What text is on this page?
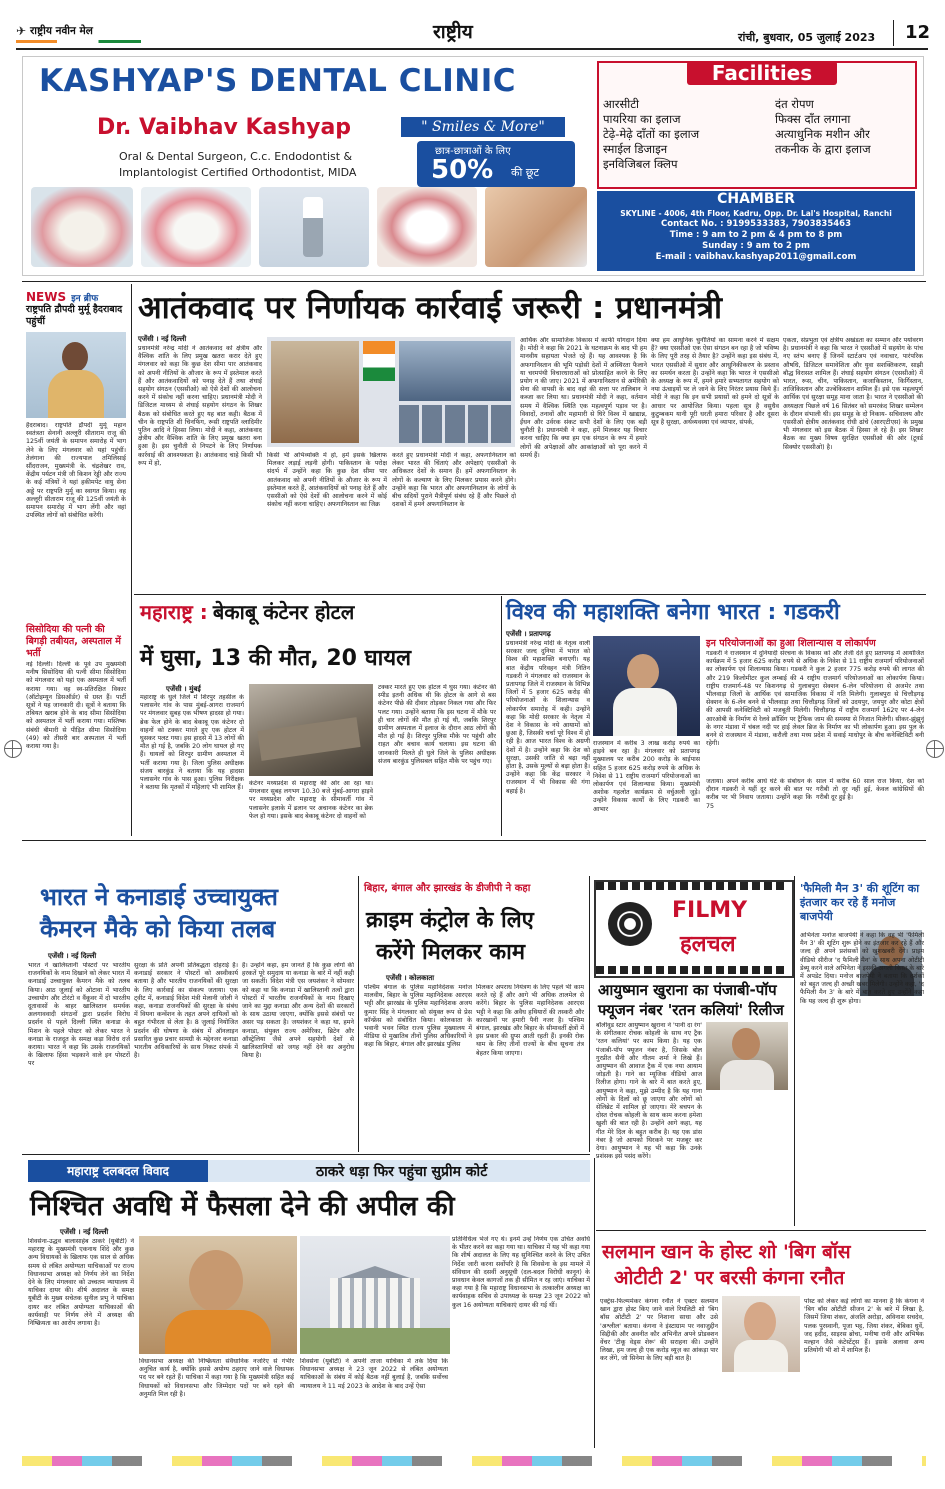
✈ राष्ट्रीय नवीन मेल	राष्ट्रीय	रांची, बुधवार, 05 जुलाई 2023 12
KASHYAP'S DENTAL CLINIC	Facilities
Dr. Vaibhav Kashyap	" Smiles & More"
Oral & Dental Surgeon, C.c. Endodontist &
Implantologist Certified Orthodontist, MIDA
छात्र-छात्राओं के लिए
50% की छूट
आरसीटी
पायरिया का इलाज
टेढ़े-मेढ़े दाँतों का इलाज
स्माईल डिजाइन
इनविजिबल क्लिप
दंत रोपण
फिक्स दाँत लगाना
अत्याधुनिक मशीन और
तकनीक के द्वारा इलाज
CHAMBER
SKYLINE - 4006, 4th Floor, Kadru, Opp. Dr. Lal's Hospital, Ranchi
Contact No. : 9199533383, 7903835463
Time : 9 am to 2 pm & 4 pm to 8 pm
Sunday : 9 am to 2 pm
E-mail : vaibhav.kashyap2011@gmail.com
NEWS इन ब्रीफ
राष्ट्रपति द्रौपदी मुर्मू हैदराबाद पहुंचीं
हैदराबाद। राष्ट्रपति द्रौपदी मुर्मू महान स्वतंत्रता सेनानी अल्लूरी सीताराम राजू की 125वीं जयंती के समापन समारोह में भाग लेने के लिए मंगलवार को यहां पहुंचीं। तेलंगाना की राज्यपाल तमिलिसाई सौंदराजन, मुख्यमंत्री के. चंद्रशेखर राव, केंद्रीय पर्यटन मंत्री जी किशन रेड्डी और राज्य के कई मंत्रियों ने यहां हकीमपेट वायु सेना अड्डे पर राष्ट्रपति मुर्मू का स्वागत किया। वह अल्लूरी सीताराम राजू की 125वीं जयंती के समापन समारोह में भाग लेंगी और वहां उपस्थित लोगों को संबोधित करेंगी।
सिसोदिया की पत्नी की बिगड़ी तबीयत, अस्पताल में भर्ती
नई दिल्ली। दिल्ली के पूर्व उप मुख्यमंत्री मनीष सिसोदिया की पत्नी सीमा सिसोदिया को मंगलवार को यहां एक अस्पताल में भर्ती कराया गया। वह स्व-प्रतिरक्षित विकार (ऑटोइम्यून डिसऑर्डर) से ग्रस्त हैं। पार्टी सूत्रों ने यह जानकारी दी। सूत्रों ने बताया कि तबियत खराब होने के बाद सीमा सिसोदिया को अस्पताल में भर्ती कराया गया। मस्तिष्क संबंधी बीमारी से पीड़ित सीमा सिसोदिया (49) को तीसरी बार अस्पताल में भर्ती कराया गया है।
आतंकवाद पर निर्णायक कार्रवाई जरूरी : प्रधानमंत्री
एजेंसी । नई दिल्ली
प्रधानमंत्री नरेन्द्र मोदी ने आतंकवाद को क्षेत्रीय और वैश्विक शांति के लिए प्रमुख खतरा करार देते हुए मंगलवार को कहा कि कुछ देश सीमा पार आतंकवाद को अपनी नीतियों के औजार के रूप में इस्तेमाल करते हैं और आतंकवादियों को पनाह देते हैं तथा शंघाई सहयोग संगठन (एससीओ) को ऐसे देशों की आलोचना करने में संकोच नहीं करना चाहिए। प्रधानमंत्री मोदी ने डिजिटल माध्यम से शंघाई सहयोग संगठन के शिखर बैठक को संबोधित करते हुए यह बात कही। बैठक में चीन के राष्ट्रपति शी चिनफिंग, रूसी राष्ट्रपति व्लादिमीर पुतिन आदि ने हिस्सा लिया। मोदी ने कहा, आतंकवाद क्षेत्रीय और वैश्विक शांति के लिए प्रमुख खतरा बना हुआ है। इस चुनौती से निपटने के लिए निर्णायक कार्रवाई की आवश्यकता है। आतंकवाद चाहे किसी भी रूप में हो,
किसी भी अभिव्यक्ति में हो, हमें इसके खिलाफ मिलकर लड़ाई लड़नी होगी। पाकिस्तान के परोक्ष संदर्भ में उन्होंने कहा कि कुछ देश सीमा पार आतंकवाद को अपनी नीतियों के औजार के रूप में इस्तेमाल करते हैं, आतंकवादियों को पनाह देते हैं और एससीओ को ऐसे देशों की आलोचना करने में कोई संकोच नहीं करना चाहिए। अफगानिस्तान का जिक्र
करते हुए प्रधानमंत्री मोदी ने कहा, अफगानिस्तान को लेकर भारत की चिंताएं और अपेक्षाएं एससीओ के अधिकतर देशों के समान हैं। हमें अफगानिस्तान के लोगों के कल्याण के लिए मिलकर प्रयास करने होंगे। उन्होंने कहा कि भारत और अफगानिस्तान के लोगों के बीच सदियों पुराने मैत्रीपूर्ण संबंध रहे हैं और पिछले दो दशकों में हमने अफगानिस्तान के
आर्थिक और सामाजिक विकास में काफी योगदान दिया है। मोदी ने कहा कि 2021 के घटनाक्रम के बाद भी हम मानवीय सहायता भेजते रहे हैं। यह आवश्यक है कि अफगानिस्तान की भूमि पड़ोसी देशों में अस्थिरता फैलाने या चरमपंथी विचारधाराओं को प्रोत्साहित करने के लिए प्रयोग न की जाए। 2021 में अफगानिस्तान से अमेरिकी सेना की वापसी के बाद वहां की सत्ता पर तालिबान ने कब्जा कर लिया था। प्रधानमंत्री मोदी ने कहा, वर्तमान समय में वैश्विक स्थिति एक महत्वपूर्ण पड़ाव पर है। विवादों, तनावों और महामारी से घिरे विश्व में खाद्यान्न, ईंधन और उर्वरक संकट सभी देशों के लिए एक बड़ी चुनौती है। प्रधानमंत्री ने कहा, हमें मिलकर यह विचार करना चाहिए कि क्या हम एक संगठन के रूप में हमारे लोगों की अपेक्षाओं और आकांक्षाओं को पूरा करने में समर्थ हैं।
क्या हम आधुनिक चुनौतियों का सामना करने में सक्षम हैं? क्या एससीओ एक ऐसा संगठन बन रहा है जो भविष्य के लिए पूरी तरह से तैयार है? उन्होंने कहा इस संबंध में, भारत एससीओ में सुधार और आधुनिकीकरण के प्रस्ताव का समर्थन करता है। उन्होंने कहा कि भारत ने एससीओ के अध्यक्ष के रूप में, हमने हमारे सभ्यतागत सहयोग को नया ऊंचाइयों पर ले जाने के लिए निरंतर प्रयास किये हैं। मोदी ने कहा कि इन सभी प्रयासों को हमने दो सूत्रों के आधार पर आयोजित किया। पहला सूत्र है वसुधैव कुटुम्बकम यानी पूरी धरती हमारा परिवार है और दूसरा सूत्र है सुरक्षा, अर्थव्यवस्था एवं व्यापार, संपर्क,
एकता, संप्रभुता एवं क्षेत्रीय अखंडता का सम्मान और पर्यावरण है। प्रधानमंत्री ने कहा कि भारत ने एससीओ में सहयोग के पांच नए स्तंभ बनाए हैं जिनमें स्टार्टअप एवं नवाचार, पारंपरिक औषधि, डिजिटल समावेशिता और युवा सशक्तिकरण, साझी बौद्ध विरासत शामिल हैं। शंघाई सहयोग संगठन (एससीओ) में भारत, रूस, चीन, पाकिस्तान, कजाकिस्तान, किर्गिस्तान, ताजिकिस्तान और उज्बेकिस्तान शामिल हैं। इसे एक महत्वपूर्ण आर्थिक एवं सुरक्षा समूह माना जाता है। भारत ने एससीओ की अध्यक्षता पिछले वर्ष 16 सितंबर को समरकंद शिखर सम्मेलन के दौरान संभाली थी। इस समूह के दो निकाय- सचिवालय और एससीओ क्षेत्रीय आतंकवाद रोधी ढांचे (आरएटीएस) के प्रमुख भी मंगलवार को इस बैठक में हिस्सा ले रहे हैं। इस शिखर बैठक का मुख्य विषय सुरक्षित एससीओ की ओर (टूवर्ड सिक्योर एससीओ) है।
महाराष्ट्र : बेकाबू कंटेनर होटल
में घुसा, 13 की मौत, 20 घायल
एजेंसी । मुंबई
महाराष्ट्र के धुले जिले में शिरपुर तहसील के पलासनेर गांव के पास मुंबई-आगरा राजमार्ग पर मंगलवार सुबह एक भीषण हादसा हो गया। ब्रेक फेल होने के बाद बेकाबू एक कंटेनर दो वाहनों को टक्कर मारते हुए एक होटल में घुसकर पलट गया। इस हादसे में 13 लोगों की मौत हो गई है, जबकि 20 लोग घायल हो गए हैं। घायलों को शिरपुर ग्रामीण अस्पताल में भर्ती कराया गया है। जिला पुलिस अधीक्षक संजय बारकुंड ने बताया कि यह हादसा पलासनेर गांव के पास हुआ। पुलिस निरीक्षक ने बताया कि मृतकों में महिलाएं भी शामिल हैं।
कंटेनर मध्यप्रदेश से महाराष्ट्र की ओर आ रहा था। मंगलवार सुबह लगभग 10.30 बजे मुंबई-आगरा हाइवे पर मध्यप्रदेश और महाराष्ट्र के सीमावर्ती गांव में पलासनेर इलाके में ढलान पर अचानक कंटेनर का ब्रेक फेल हो गया। इसके बाद बेकाबू कंटेनर दो वाहनों को
टक्कर मारते हुए एक होटल में घुस गया। कंटेनर की स्पीड इतनी अधिक थी कि होटल के आगे से बस कंटेनर पीछे की दीवार तोड़कर निकल गया और फिर पलट गया। उन्होंने बताया कि इस घटना में मौके पर ही चार लोगों की मौत हो गई थी, जबकि शिरपुर ग्रामीण अस्पताल में इलाज के दौरान आठ लोगों की मौत हो गई है। शिरपुर पुलिस मौके पर पहुंची और राहत और बचाव कार्य चलाया। इस घटना की जानकारी मिलते ही धुले जिले के पुलिस अधीक्षक संजय बारकुंड पुलिसबल सहित मौके पर पहुंच गए।
विश्व की महाशक्ति बनेगा भारत : गडकरी
एजेंसी । प्रतापगढ़
प्रधानमंत्री नरेन्द्र मोदी के नेतृत्व वाली सरकार जल्द दुनिया में भारत को विश्व की महाशक्ति बनाएगी। यह बात केंद्रीय परिवहन मंत्री नितिन गडकरी ने मंगलवार को राजस्थान के प्रतापगढ़ जिले में राजस्थान के विभिन्न जिलों में 5 हजार 625 करोड़ की परियोजनाओं के शिलान्यास व लोकार्पण समारोह में कही। उन्होंने कहा कि मोदी सरकार के नेतृत्व में देश ने विकास के नये आयामों को छुआ है, जिसकी चर्चा पूरे विश्व में हो रही है। आज भारत विश्व के अग्रणी देशों में है। उन्होंने कहा कि देश को सुरक्षा, उसकी जांति से बढ़ा नहीं होता है, उसके मूल्यों से बढ़ा होता है। उन्होंने कहा कि केंद्र सरकार ने राजस्थान में भी विकास की गंगा बहाई है।
राजस्थान में करीब 3 लाख करोड़ रुपये का हाइवे बन रहा है। मंगलवार को प्रतापगढ़ मुख्यालय पर करीब 200 करोड़ के बाईपास सहित 5 हजार 625 करोड़ रुपये के अधिक के निवेश से 11 राष्ट्रीय राजमार्ग परियोजनाओं का लोकार्पण एवं शिलान्यास किया। मुख्यमंत्री अशोक गहलोत कार्यक्रम से वर्चुअली जुड़े। उन्होंने विकास कार्यों के लिए गडकरी का आभार
इन परियोजनाओं का हुआ शिलान्यास व लोकार्पण
गडकरी ने राजस्थान में दुनियादी संरचना के विकास को और तेजी देते हुए प्रतापगढ़ में आयोजित कार्यक्रम में 5 हजार 625 करोड़ रुपये से अधिक के निवेश से 11 राष्ट्रीय राजमार्ग परियोजनाओं का लोकार्पण एवं शिलान्यास किया। गडकरी ने कुल 2 हजार 775 करोड़ रुपये की लागत की और 219 किलोमीटर कुल लम्बाई की 4 राष्ट्रीय राजमार्ग परियोजनाओं का लोकार्पण किया। राष्ट्रीय राजमार्ग-48 पर किशनगढ़ से गुलाबपुरा सेक्शन 6-लेन परियोजना से अजमेर तथा भीलवाड़ा जिलों के आर्थिक एवं सामाजिक विकास में गति मिलेगी। गुलाबपुरा से चित्तौड़गढ़ सेक्शन के 6-लेन बनने से भीलवाड़ा तथा चित्तौड़गढ़ जिलों को उदयपुर, जयपुर और कोटा क्षेत्रों की आपसी कनेक्टिविटी को मजबूती मिलेगी। चित्तौड़गढ़ में राष्ट्रीय राजमार्ग 162ए पर 4-लेन आरओबी के निर्माण से रेलवे क्रॉसिंग पर ट्रैफिक जाम की समस्या से निजात मिलेगी। सीकर-झुंझुनूं के नगर मंडावा में चंबल नदी पर हाई लेवल ब्रिज के निर्माण का भी लोकार्पण हुआ। इस पुल के बनने से राजस्थान में मंडावा, करौली तथा मध्य प्रदेश में सवाई माधोपुर के बीच कनेक्टिविटी बनी रहेगी।
जताया। अपने करीब आधे घंटे के संबोधन के दौरान गडकरी ने यहीं दूर करने की बात पर करीब पर भी निवाय जताया। उन्होंने कहा कि 75
साल में करीब 60 साल राज किया, देश को गरीबी तो दूर नहीं हुई, केवल कांग्रेसियों की गरीबी दूर हुई है।
भारत ने कनाडाई उच्चायुक्त
कैमरन मैके को किया तलब
एजेंसी । नई दिल्ली
भारत ने खालिस्तानी पोस्टरों पर भारतीय राजनयिकों के नाम दिखाने को लेकर भारत में कनाडाई उच्चायुक्त कैमरन मैके को तलब किया। आठ जुलाई को ओटावा में भारतीय उच्चायोग और टोरंटो व वैंकूवर में दो भारतीय दूतावासों के बाहर खालिस्तान समर्थक अलगाववादी संगठनों द्वारा प्रदर्शन विरोध प्रदर्शन से पहले दिल्ली स्थित कनाडा के मिशन के पहले पोस्टर को लेकर भारत ने कनाडा के राजदूत के समक्ष कड़ा विरोध दर्ज कराया। भारत ने कहा कि उसके राजनयिकों के खिलाफ हिंसा भड़काने वाले इन पोस्टरों पर
सुरक्षा के प्रति अपनी प्रतिबद्धता दोहराई है। कनाडाई सरकार ने पोस्टरों को अस्वीकार्य बताया है और भारतीय राजनयिकों की सुरक्षा के लिए कार्रवाई का संकल्प जताया। एक ट्वीट में, कनाडाई विदेश मंत्री मेलानी जोली ने कहा, कनाडा राजनयिकों की सुरक्षा के संबंध में वियना कन्वेंशन के तहत अपने दायित्वों को बहुत गंभीरता से लेता है। 8 जुलाई नियोजित प्रदर्शन की घोषणा के संबंध में ऑनलाइन प्रसारित कुछ प्रचार सामग्री के मद्देनजर कनाडा भारतीय अधिकारियों के साथ निकट संपर्क में है।
है। उन्होंने कहा, हम जानते हैं कि कुछ लोगों की हरकतें पूरे समुदाय या कनाडा के बारे में नहीं कही जा सकतीं। विदेश मंत्री एस जयशंकर ने सोमवार को कहा था कि कनाडा में खालिस्तानी तत्वों द्वारा पोस्टरों में भारतीय राजनयिकों के नाम दिखाए जाने का मुद्दा कनाडा और अन्य देशों की सरकारों के साथ उठाया जाएगा, क्योंकि इससे संबंधों पर असर पड़ सकता है। जयशंकर ने कहा था, हमने कनाडा, संयुक्त राज्य अमेरिका, ब्रिटेन और ऑस्ट्रेलिया जैसे अपने सहयोगी देशों से खालिस्तानियों को जगह नहीं देने का अनुरोध किया है।
बिहार, बंगाल और झारखंड के डीजीपी ने कहा
क्राइम कंट्रोल के लिए
करेंगे मिलकर काम
एजेंसी । कोलकाता
पश्चिम बंगाल के पुलिस महानिदेशक मनोज मालवीय, बिहार के पुलिस महानिदेशक आरएस भट्टी और झारखंड के पुलिस महानिदेशक अजय कुमार सिंह ने मंगलवार को संयुक्त रूप से प्रेस कॉन्फ्रेंस को संबोधित किया। कोलकाता के भवानी भवन स्थित राज्य पुलिस मुख्यालय में मीडिया से मुखातिब तीनों पुलिस अधिकारियों ने कहा कि बिहार, बंगाल और झारखंड पुलिस
मिलकर अपराध नियंत्रण के लिए पहले भी काम करते रहे हैं और आगे भी अधिक तालमेल से करेंगे। बिहार के पुलिस महानिदेशक आरएस भट्टी ने कहा कि अवैध हथियारों की तस्करी और कारखानों पर हमारी पैनी नजर है। पश्चिम बंगाल, झारखंड और बिहार के सीमावर्ती क्षेत्रों में इस प्रकार की ग्रुप्स आती रहती हैं। इनकी रोक थाम के लिए तीनों राज्यों के बीच सूचना तंत्र बेहतर किया जाएगा।
FILMY
हलचल
आयुष्मान खुराना का पंजाबी-पॉप
फ्यूजन नंबर 'रतन कलियां' रिलीज
बॉलीवुड स्टार आयुष्मान खुराना ने 'पानी दा रंग' के संगीतकार रोचक कोहली के साथ नए ट्रैक 'रतन कलियां' पर काम किया है। यह एक पंजाबी-पॉप फ्यूजन नंबर है, जिसके बोल गुरप्रीत सैनी और गौतम शर्मा ने लिखे हैं। आयुष्मान की आवाज ट्रैक में एक नया आयाम जोड़ती है। गाने का म्यूजिक वीडियो आज रिलीज होगा। गाने के बारे में बात करते हुए, आयुष्मान ने कहा, मुझे उम्मीद है कि यह गाना लोगों के दिलों को छू जाएगा और लोगों को सेलिब्रेट में शामिल हो जाएगा। मेरे बचपन के दोस्त रोचक कोहली के साथ काम करना हमेशा खुशी की बात रही है। उन्होंने आगे कहा, यह गीत मेरे दिल के बहुत करीब है। यह एक डांस नंबर है जो आपको थिरकने पर मजबूर कर देगा। आयुष्मान ने यह भी कहा कि उनके प्रशंसक इसे पसंद करेंगे।
'फैमिली मैन 3' की शूटिंग का इंतजार कर रहे हैं मनोज बाजपेयी
अभिनेता मनोज बाजपेयी ने कहा कि वह भी 'फैमिली मैन 3' की शूटिंग शुरू होने का इंतजार कर रहे हैं और जल्द ही अपने प्रशंसकों को खुशखबरी देंगे। प्राइम वीडियो सीरीज 'द फैमिली मैन' के साथ अपना ओटीटी डेब्यू करने वाले अभिनेता ने इसकी अगली किस्त के बारे में अपडेट दिया। मनोज बाजपेयी ने बताया कि दर्शकों को बहुत जल्द ही अच्छी खबर मिलेगी। उन्होंने कहा, 'द फैमिली मैन 3' के बारे में बात करते हुए उन्होंने कहा कि यह जल्द ही शुरू होगा।
महाराष्ट्र दलबदल विवाद	ठाकरे धड़ा फिर पहुंचा सुप्रीम कोर्ट
निश्चित अवधि में फैसला देने की अपील की
एजेंसी । नई दिल्ली
शिवसेना-उद्धव बालासाहेब ठाकरे (यूबीटी) ने महाराष्ट्र के मुख्यमंत्री एकनाथ शिंदे और कुछ अन्य विधायकों के खिलाफ एक साल से अधिक समय से लंबित अयोग्यता याचिकाओं पर राज्य विधानसभा अध्यक्ष को निर्णय लेने का निर्देश देने के लिए मंगलवार को उच्चतम न्यायालय में याचिका दायर की। शीर्ष अदालत के समक्ष यूबीटी के मुख्य सचेतक सुनील प्रभु ने याचिका दायर कर लंबित अयोग्यता याचिकाओं की कार्यवाही पर निर्णय लेने में अध्यक्ष की निष्क्रियता का आरोप लगाया है।
विधानसभा अध्यक्ष की निष्क्रियता संवैधानिक नजरिए से गंभीर अनुचित कार्य है, क्योंकि इससे अयोग्य ठहराए जाने वाले विधायक पद पर बने रहते हैं। याचिका में कहा गया है कि मुख्यमंत्री सहित कई विधायकों को विधानसभा और जिम्मेदार पदों पर बने रहने की अनुमति मिल रही है।
शिवसेना (यूबीटी) ने अपनी ताजा याचिका में तर्क दिया कि विधानसभा अध्यक्ष ने 23 जून 2022 से लंबित अयोग्यता याचिकाओं के संबंध में कोई बैठक नहीं बुलाई है, जबकि सर्वोच्च न्यायालय ने 11 मई 2023 के आदेश के बाद उन्हें ऐसा
प्रतिनिधित्व भेजे गए थे। इनमें उन्हें निर्णय एक उचित अवधि के भीतर करने का कहा गया था। याचिका में यह भी कहा गया कि शीर्ष अदालत के लिए यह सुनिश्चित करने के लिए उचित निर्देश जारी करना सर्वोपरि है कि शिवसेना के इस मामले में संविधान की दसवीं अनुसूची (दल-बदल विरोधी कानून) के प्रावधान केवल कागजों तक ही सीमित न रह जाएं। याचिका में कहा गया है कि महाराष्ट्र विधानसभा के तत्कालीन अध्यक्ष का कार्यवाहक सचिव से उपाध्यक्ष के समक्ष 23 जून 2022 को कुल 16 अयोग्यता याचिकाएं दायर की गई थीं।
सलमान खान के होस्ट शो 'बिग बॉस
ओटीटी 2' पर बरसी कंगना रनौत
एक्ट्रेस-फिल्ममेकर कंगना रनौत ने एक्टर सलमान खान द्वारा होस्ट किए जाने वाले रियलिटी शो 'बिग बॉस ओटीटी 2' पर निशाना साधा और उसे 'अश्लील' बताया। कंगना ने इंस्टाग्राम पर नवाजुद्दीन सिद्दीकी और अवनीत कौर अभिनीत अपने प्रोडक्शन वेंचर 'टीकू वेड्स शेरू' की सराहना की। उन्होंने लिखा, हम जल्द ही एक करोड़ व्यूज़ का आंकड़ा पार कर लेंगे, जो सिनेमा के लिए बड़ी बात है।
पोस्ट को लेकर कई लोगों का मानना है कि कंगना ने 'बिग बॉस ओटीटी सीजन 2' के बारे में लिखा है, जिसमें जिया शंकर, अंजलि अरोड़ा, अविनाश सचदेव, पलक पुरस्वानी, पूजा भट्ट, जिया शंकर, बेबिका धुर्वे, जद हदीद, साइरस ब्रोचा, मनीषा रानी और अभिषेक मल्हान जैसे कंटेस्टेंट्स हैं। इसके अलावा अन्य प्रतियोगी भी शो में शामिल हैं।
